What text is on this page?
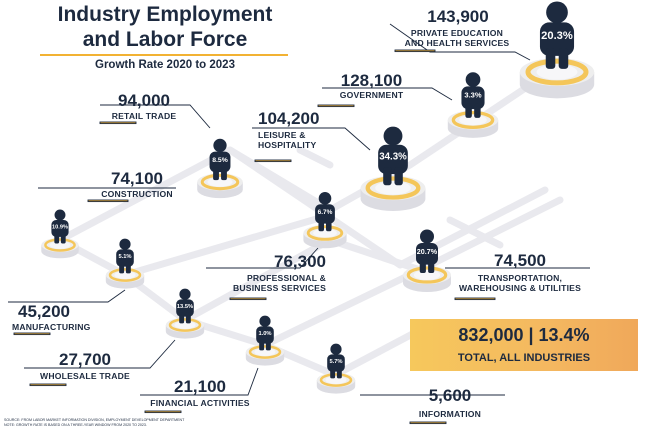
20.3%
3.3%
34.3%
8.5%
10.9%
6.7%
20.7%
5.1%
13.5%
1.0%
5.7%
Industry Employment
and Labor Force
Growth Rate 2020 to 2023
143,900
PRIVATE EDUCATION
AND HEALTH SERVICES
128,100
GOVERNMENT
104,200
LEISURE &
HOSPITALITY
94,000
RETAIL TRADE
74,100
CONSTRUCTION
76,300
PROFESSIONAL &
BUSINESS SERVICES
74,500
TRANSPORTATION,
WAREHOUSING & UTILITIES
45,200
MANUFACTURING
27,700
WHOLESALE TRADE
21,100
FINANCIAL ACTIVITIES	5,600
INFORMATION
832,000 | 13.4%
TOTAL, ALL INDUSTRIES
SOURCE: FROM LABOR MARKET INFORMATION DIVISION, EMPLOYMENT DEVELOPMENT DEPARTMENT
NOTE: GROWTH RATE IS BASED ON A THREE-YEAR WINDOW FROM 2020 TO 2023.
